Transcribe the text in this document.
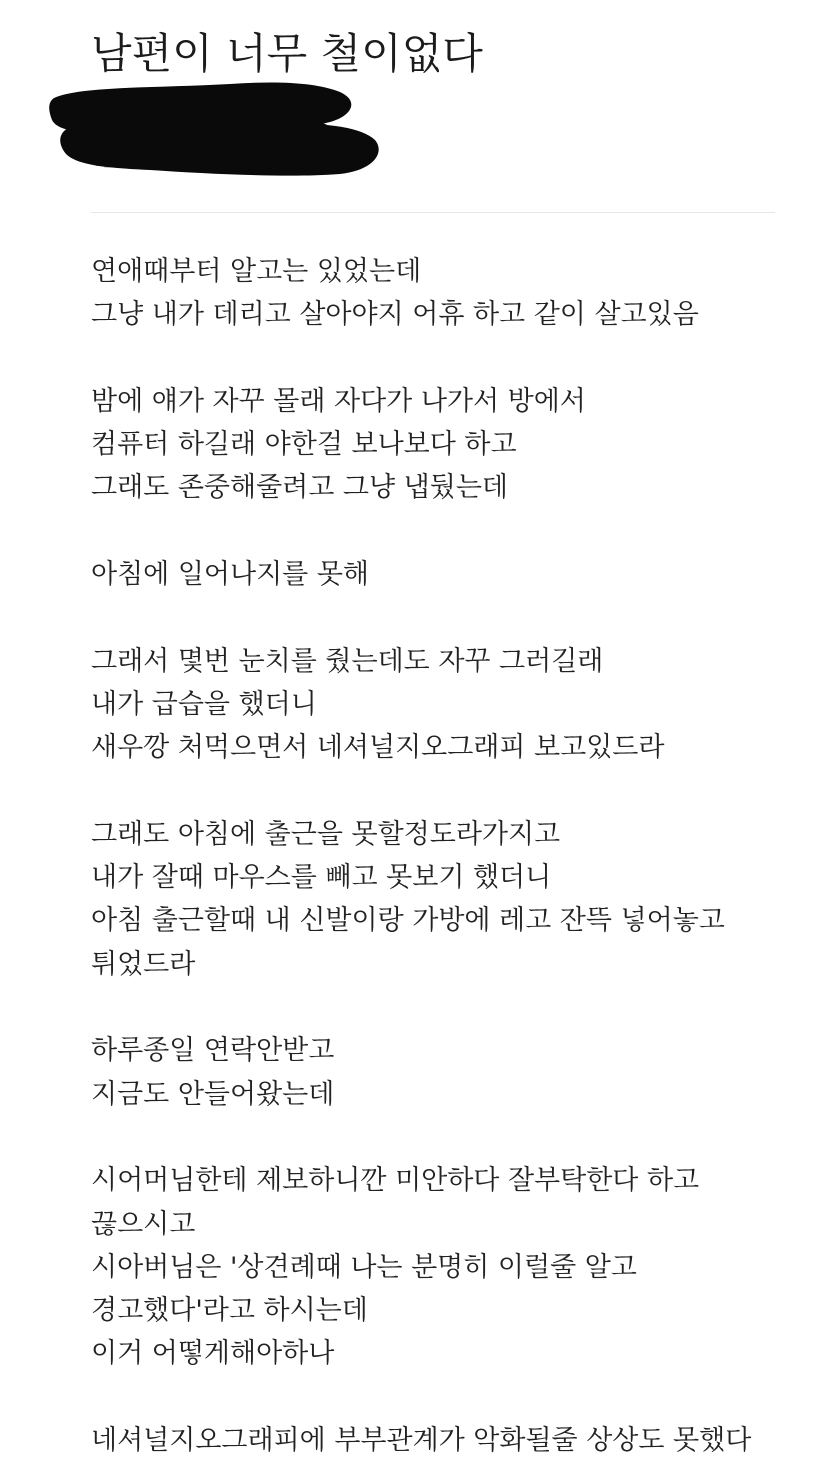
남편이 너무 철이없다
연애때부터 알고는 있었는데
그냥 내가 데리고 살아야지 어휴 하고 같이 살고있음
밤에 얘가 자꾸 몰래 자다가 나가서 방에서
컴퓨터 하길래 야한걸 보나보다 하고
그래도 존중해줄려고 그냥 냅뒀는데
아침에 일어나지를 못해
그래서 몇번 눈치를 줬는데도 자꾸 그러길래
내가 급습을 했더니
새우깡 처먹으면서 네셔널지오그래피 보고있드라
그래도 아침에 출근을 못할정도라가지고
내가 잘때 마우스를 빼고 못보기 했더니
아침 출근할때 내 신발이랑 가방에 레고 잔뜩 넣어놓고
튀었드라
하루종일 연락안받고
지금도 안들어왔는데
시어머님한테 제보하니깐 미안하다 잘부탁한다 하고
끊으시고
시아버님은 '상견례때 나는 분명히 이럴줄 알고
경고했다'라고 하시는데
이거 어떻게해아하나
네셔널지오그래피에 부부관계가 악화될줄 상상도 못했다
